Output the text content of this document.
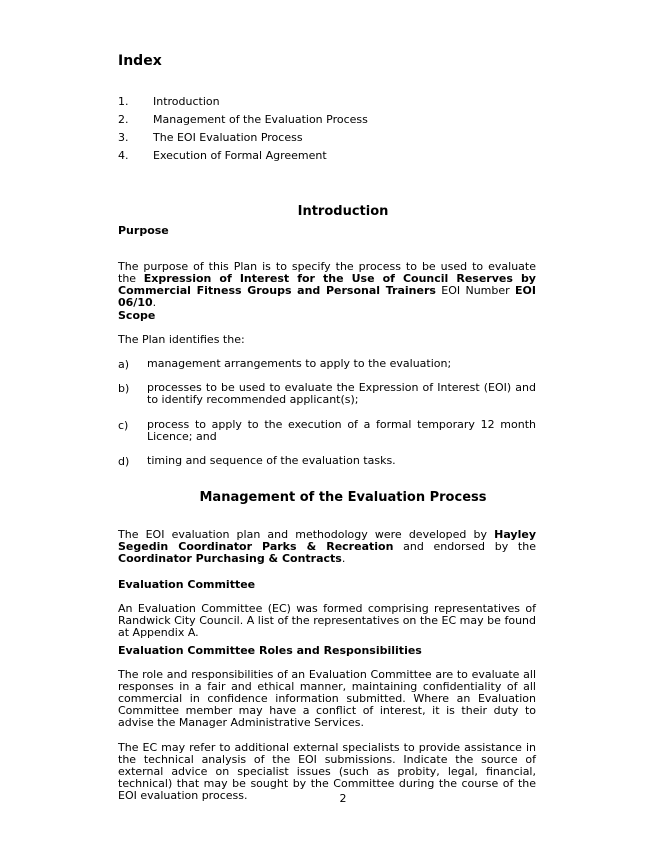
Index
1. Introduction
2. Management of the Evaluation Process
3. The EOI Evaluation Process
4. Execution of Formal Agreement
Introduction
Purpose
The purpose of this Plan is to specify the process to be used to evaluate the Expression of Interest for the Use of Council Reserves by Commercial Fitness Groups and Personal Trainers EOI Number EOI 06/10.
Scope
The Plan identifies the:
a) management arrangements to apply to the evaluation;
b) processes to be used to evaluate the Expression of Interest (EOI) and to identify recommended applicant(s);
c) process to apply to the execution of a formal temporary 12 month Licence; and
d) timing and sequence of the evaluation tasks.
Management of the Evaluation Process
The EOI evaluation plan and methodology were developed by Hayley Segedin Coordinator Parks & Recreation and endorsed by the Coordinator Purchasing & Contracts.
Evaluation Committee
An Evaluation Committee (EC) was formed comprising representatives of Randwick City Council. A list of the representatives on the EC may be found at Appendix A.
Evaluation Committee Roles and Responsibilities
The role and responsibilities of an Evaluation Committee are to evaluate all responses in a fair and ethical manner, maintaining confidentiality of all commercial in confidence information submitted. Where an Evaluation Committee member may have a conflict of interest, it is their duty to advise the Manager Administrative Services.
The EC may refer to additional external specialists to provide assistance in the technical analysis of the EOI submissions. Indicate the source of external advice on specialist issues (such as probity, legal, financial, technical) that may be sought by the Committee during the course of the EOI evaluation process.	2
